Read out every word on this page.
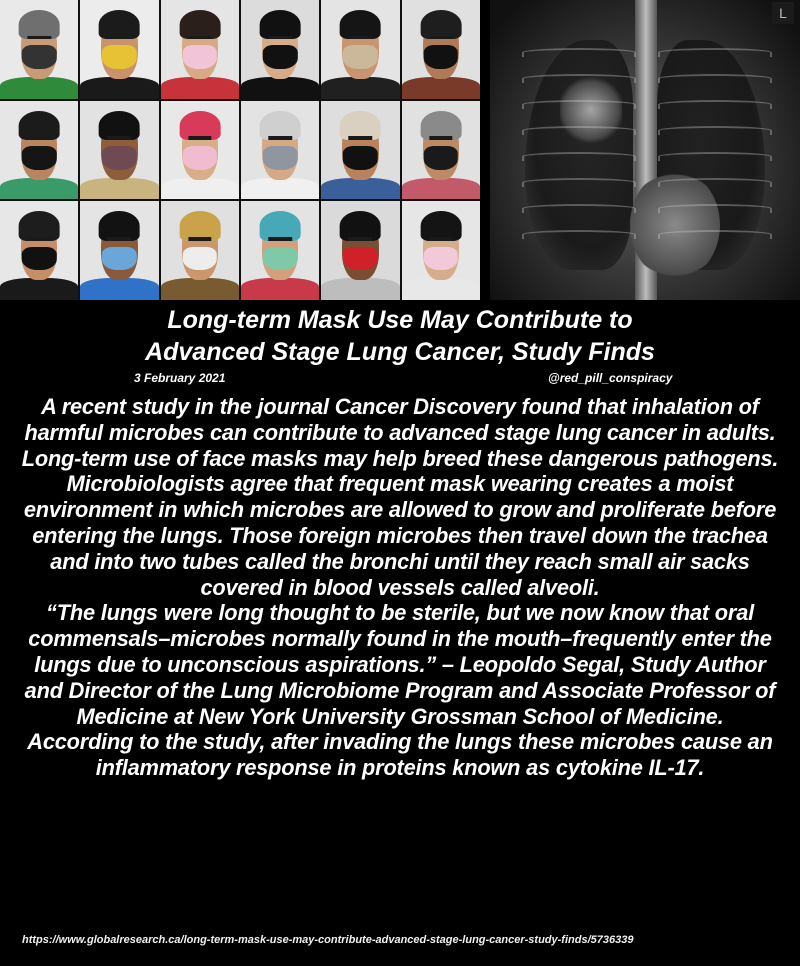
L
Long-term Mask Use May Contribute to
Advanced Stage Lung Cancer, Study Finds
3 February 2021	@red_pill_conspiracy

A recent study in the journal Cancer Discovery found that inhalation of harmful microbes can contribute to advanced stage lung cancer in adults. Long-term use of face masks may help breed these dangerous pathogens.

Microbiologists agree that frequent mask wearing creates a moist environment in which microbes are allowed to grow and proliferate before entering the lungs. Those foreign microbes then travel down the trachea and into two tubes called the bronchi until they reach small air sacks covered in blood vessels called alveoli.

“The lungs were long thought to be sterile, but we now know that oral commensals–microbes normally found in the mouth–frequently enter the lungs due to unconscious aspirations.” – Leopoldo Segal, Study Author and Director of the Lung Microbiome Program and Associate Professor of Medicine at New York University Grossman School of Medicine.

According to the study, after invading the lungs these microbes cause an inflammatory response in proteins known as cytokine IL-17.

https://www.globalresearch.ca/long-term-mask-use-may-contribute-advanced-stage-lung-cancer-study-finds/5736339
